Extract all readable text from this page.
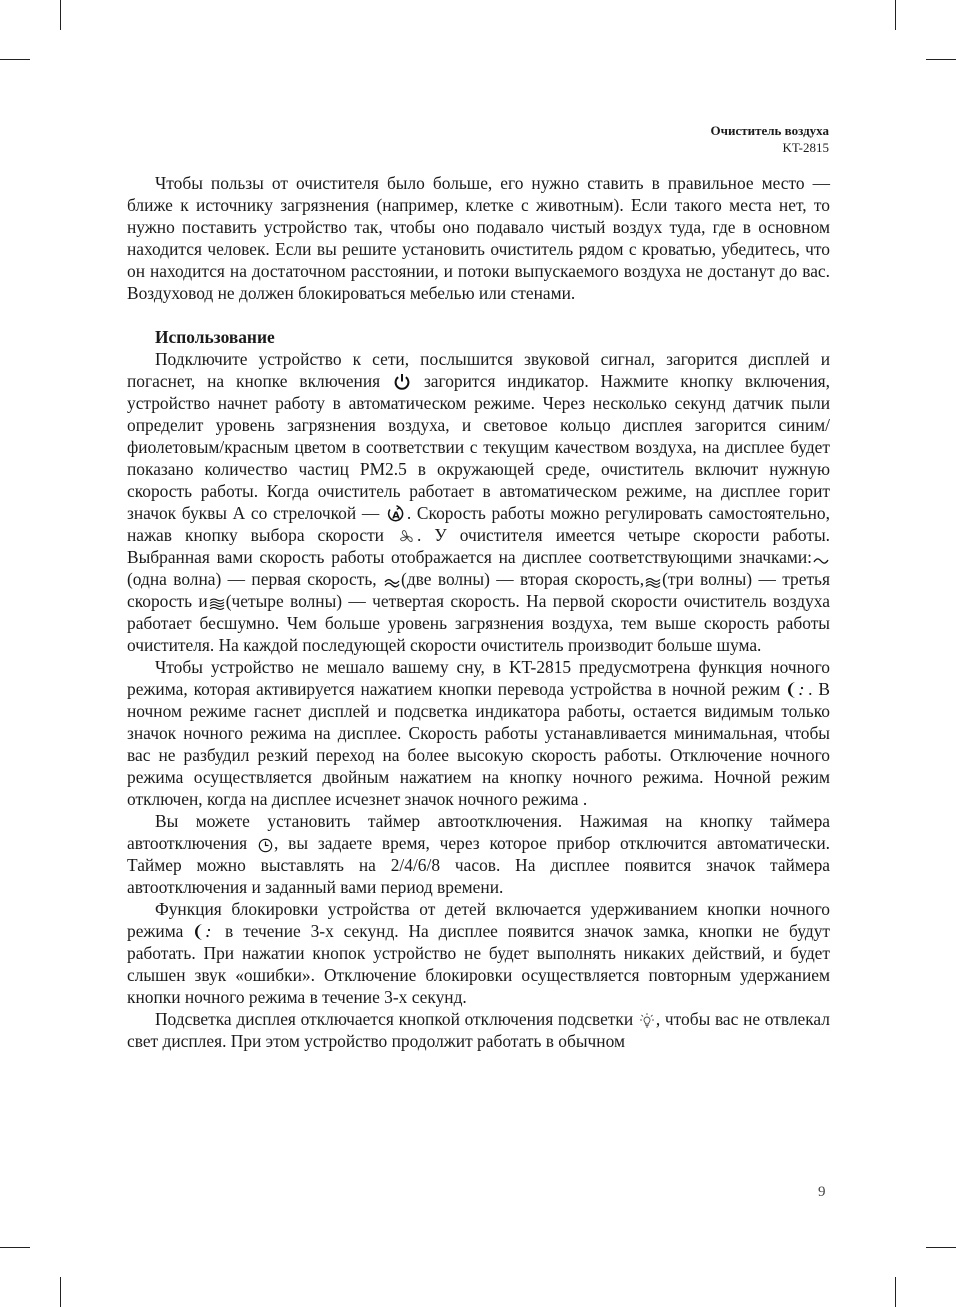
Очиститель воздуха
KT-2815

Чтобы пользы от очистителя было больше, его нужно ставить в правильное место — ближе к источнику загрязнения (например, клетке с животным). Если такого места нет, то нужно поставить устройство так, чтобы оно подавало чистый воздух туда, где в основном находится человек. Если вы решите установить очиститель рядом с кроватью, убедитесь, что он находится на достаточном расстоянии, и потоки выпускаемого воздуха не достанут до вас. Воздуховод не должен блокироваться мебелью или стенами.

Использование

Подключите устройство к сети, послышится звуковой сигнал, загорится дисплей и погаснет, на кнопке включения	загорится индикатор. Нажмите кнопку включения, устройство начнет работу в автоматическом режиме. Через несколько секунд датчик пыли определит уровень загрязнения воздуха, и световое кольцо дисплея загорится синим/фиолетовым/красным цветом в соответствии с текущим качеством воздуха, на дисплее будет показано количество частиц PM2.5 в окружающей среде, очиститель включит нужную скорость работы. Когда очиститель работает в автоматическом режиме, на дисплее горит значок буквы А со стрелочкой — A . Скорость работы можно регулировать самостоятельно, нажав кнопку выбора скорости . У очистителя имеется четыре скорости работы. Выбранная вами скорость работы отображается на дисплее соответствующими значками:
(одна волна) — первая скорость, (две волны) — вторая скорость, (три волны) — третья скорость и (четыре волны) — четвертая скорость. На первой скорости очиститель воздуха работает бесшумно. Чем больше уровень загрязнения воздуха, тем выше скорость работы очистителя. На каждой последующей скорости очиститель производит больше шума.

Чтобы устройство не мешало вашему сну, в KT-2815 предусмотрена функция ночного режима, которая активируется нажатием кнопки перевода устройства в ночной режим . В ночном режиме гаснет дисплей и подсветка индикатора работы, остается видимым только значок ночного режима на дисплее. Скорость работы устанавливается минимальная, чтобы вас не разбудил резкий переход на более высокую скорость работы. Отключение ночного режима осуществляется двойным нажатием на кнопку ночного режима. Ночной режим отключен, когда на дисплее исчезнет значок ночного режима .

Вы можете установить таймер автоотключения. Нажимая на кнопку таймера автоотключения , вы задаете время, через которое прибор отключится автоматически. Таймер можно выставлять на 2/4/6/8 часов. На дисплее появится значок таймера автоотключения и заданный вами период времени.

Функция блокировки устройства от детей включается удерживанием кнопки ночного режима в течение 3-х секунд. На дисплее появится значок замка, кнопки не будут работать. При нажатии кнопок устройство не будет выполнять никаких действий, и будет слышен звук «ошибки». Отключение блокировки осуществляется повторным удержанием кнопки ночного режима в течение 3-х секунд.

Подсветка дисплея отключается кнопкой отключения подсветки , чтобы вас не отвлекал свет дисплея. При этом устройство продолжит работать в обычном

9
